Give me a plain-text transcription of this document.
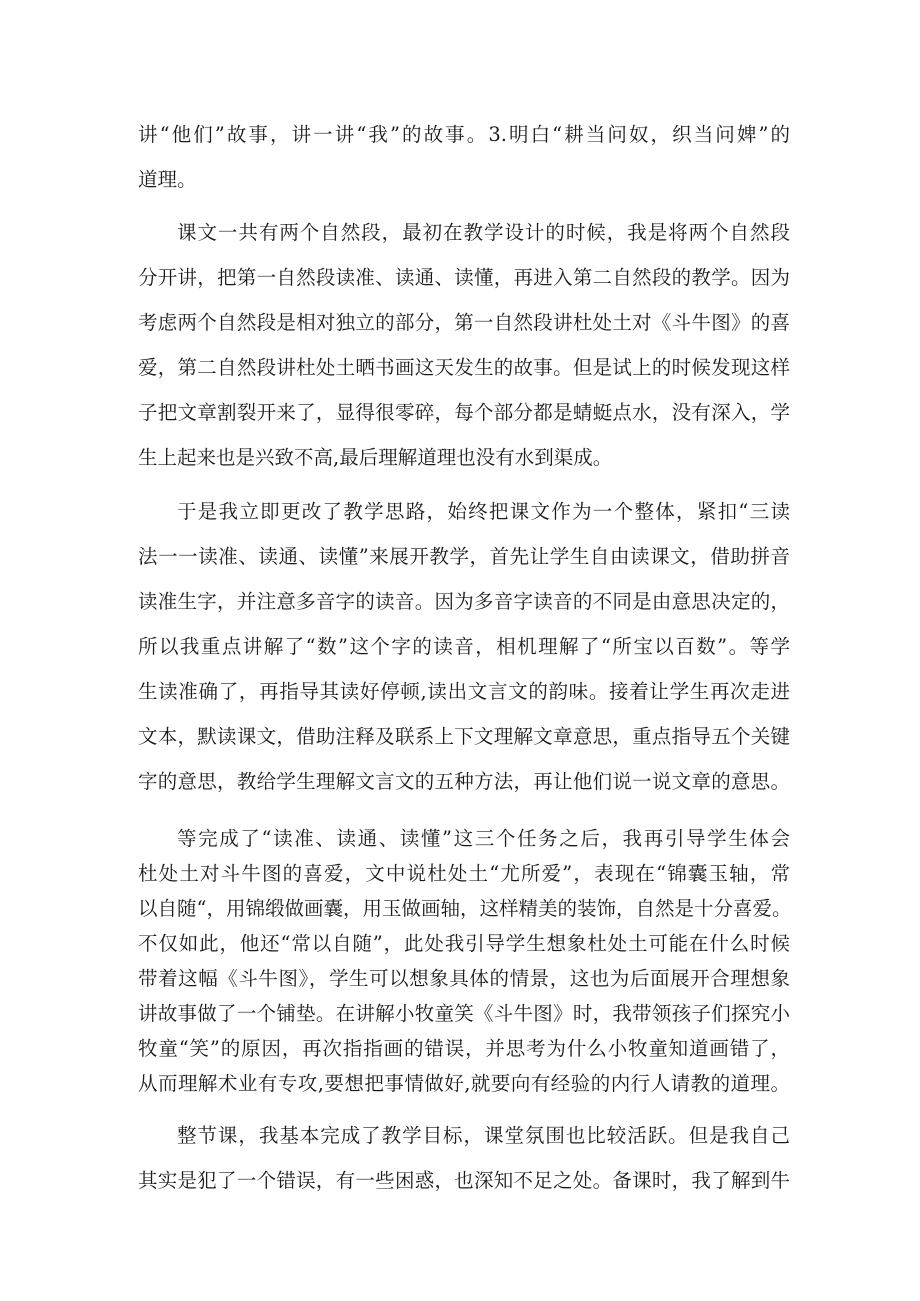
讲“他们”故事，讲一讲“我”的故事。3.明白“耕当问奴，织当问婢”的

道理。

课文一共有两个自然段，最初在教学设计的时候，我是将两个自然段

分开讲，把第一自然段读准、读通、读懂，再进入第二自然段的教学。因为

考虑两个自然段是相对独立的部分，第一自然段讲杜处土对《斗牛图》的喜

爱，第二自然段讲杜处土晒书画这天发生的故事。但是试上的时候发现这样

子把文章割裂开来了，显得很零碎，每个部分都是蜻蜓点水，没有深入，学

生上起来也是兴致不高,最后理解道理也没有水到渠成。

于是我立即更改了教学思路，始终把课文作为一个整体，紧扣“三读

法一一读准、读通、读懂”来展开教学，首先让学生自由读课文，借助拼音

读准生字，并注意多音字的读音。因为多音字读音的不同是由意思决定的，

所以我重点讲解了“数”这个字的读音，相机理解了“所宝以百数”。等学

生读准确了，再指导其读好停顿,读出文言文的韵味。接着让学生再次走进

文本，默读课文，借助注释及联系上下文理解文章意思，重点指导五个关键

字的意思，教给学生理解文言文的五种方法，再让他们说一说文章的意思。

等完成了“读准、读通、读懂”这三个任务之后，我再引导学生体会

杜处土对斗牛图的喜爱，文中说杜处土“尤所爱”，表现在“锦囊玉轴，常

以自随“，用锦缎做画囊，用玉做画轴，这样精美的装饰，自然是十分喜爱。

不仅如此，他还“常以自随”，此处我引导学生想象杜处土可能在什么时候

带着这幅《斗牛图》，学生可以想象具体的情景，这也为后面展开合理想象

讲故事做了一个铺垫。在讲解小牧童笑《斗牛图》时，我带领孩子们探究小

牧童“笑”的原因，再次指指画的错误，并思考为什么小牧童知道画错了，

从而理解术业有专攻,要想把事情做好,就要向有经验的内行人请教的道理。

整节课，我基本完成了教学目标，课堂氛围也比较活跃。但是我自己

其实是犯了一个错误，有一些困惑，也深知不足之处。备课时，我了解到牛
